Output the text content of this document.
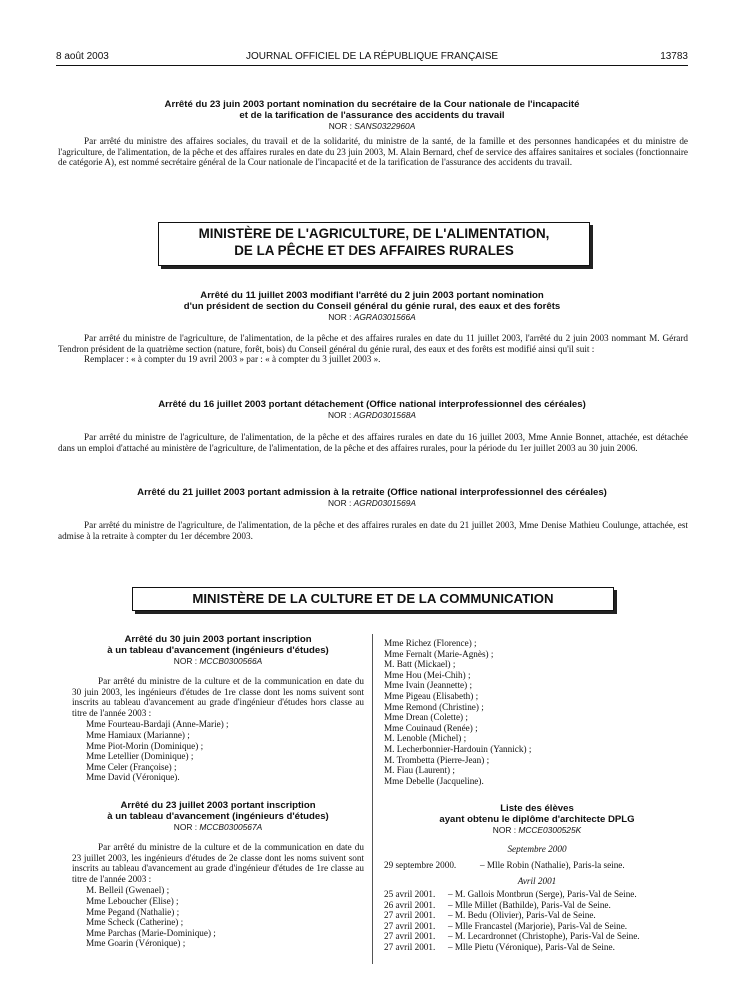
8 août 2003	JOURNAL OFFICIEL DE LA RÉPUBLIQUE FRANÇAISE	13783
Arrêté du 23 juin 2003 portant nomination du secrétaire de la Cour nationale de l'incapacité
et de la tarification de l'assurance des accidents du travail
NOR : SANS0322960A

Par arrêté du ministre des affaires sociales, du travail et de la solidarité, du ministre de la santé, de la famille et des personnes handicapées et du ministre de l'agriculture, de l'alimentation, de la pêche et des affaires rurales en date du 23 juin 2003, M. Alain Bernard, chef de service des affaires sanitaires et sociales (fonctionnaire de catégorie A), est nommé secrétaire général de la Cour nationale de l'incapacité et de la tarification de l'assurance des accidents du travail.

MINISTÈRE DE L'AGRICULTURE, DE L'ALIMENTATION,
DE LA PÊCHE ET DES AFFAIRES RURALES
Arrêté du 11 juillet 2003 modifiant l'arrêté du 2 juin 2003 portant nomination
d'un président de section du Conseil général du génie rural, des eaux et des forêts
NOR : AGRA0301566A

Par arrêté du ministre de l'agriculture, de l'alimentation, de la pêche et des affaires rurales en date du 11 juillet 2003, l'arrêté du 2 juin 2003 nommant M. Gérard Tendron président de la quatrième section (nature, forêt, bois) du Conseil général du génie rural, des eaux et des forêts est modifié ainsi qu'il suit :

Remplacer : « à compter du 19 avril 2003 » par : « à compter du 3 juillet 2003 ».

Arrêté du 16 juillet 2003 portant détachement (Office national interprofessionnel des céréales)
NOR : AGRD0301568A

Par arrêté du ministre de l'agriculture, de l'alimentation, de la pêche et des affaires rurales en date du 16 juillet 2003, Mme Annie Bonnet, attachée, est détachée dans un emploi d'attaché au ministère de l'agriculture, de l'alimentation, de la pêche et des affaires rurales, pour la période du 1er juillet 2003 au 30 juin 2006.

Arrêté du 21 juillet 2003 portant admission à la retraite (Office national interprofessionnel des céréales)
NOR : AGRD0301569A

Par arrêté du ministre de l'agriculture, de l'alimentation, de la pêche et des affaires rurales en date du 21 juillet 2003, Mme Denise Mathieu Coulunge, attachée, est admise à la retraite à compter du 1er décembre 2003.

MINISTÈRE DE LA CULTURE ET DE LA COMMUNICATION
Arrêté du 30 juin 2003 portant inscription
à un tableau d'avancement (ingénieurs d'études)
NOR : MCCB0300566A

Par arrêté du ministre de la culture et de la communication en date du 30 juin 2003, les ingénieurs d'études de 1re classe dont les noms suivent sont inscrits au tableau d'avancement au grade d'ingénieur d'études hors classe au titre de l'année 2003 :

Mme Fourteau-Bardaji (Anne-Marie) ;
Mme Hamiaux (Marianne) ;
Mme Piot-Morin (Dominique) ;
Mme Letellier (Dominique) ;
Mme Celer (Françoise) ;
Mme David (Véronique).
Arrêté du 23 juillet 2003 portant inscription
à un tableau d'avancement (ingénieurs d'études)
NOR : MCCB0300567A

Par arrêté du ministre de la culture et de la communication en date du 23 juillet 2003, les ingénieurs d'études de 2e classe dont les noms suivent sont inscrits au tableau d'avancement au grade d'ingénieur d'études de 1re classe au titre de l'année 2003 :

M. Belleil (Gwenael) ;
Mme Leboucher (Elise) ;
Mme Pegand (Nathalie) ;
Mme Scheck (Catherine) ;
Mme Parchas (Marie-Dominique) ;
Mme Goarin (Véronique) ;
Mme Richez (Florence) ;
Mme Fernalt (Marie-Agnès) ;
M. Batt (Mickael) ;
Mme Hou (Mei-Chih) ;
Mme Ivain (Jeannette) ;
Mme Pigeau (Elisabeth) ;
Mme Remond (Christine) ;
Mme Drean (Colette) ;
Mme Couinaud (Renée) ;
M. Lenoble (Michel) ;
M. Lecherbonnier-Hardouin (Yannick) ;
M. Trombetta (Pierre-Jean) ;
M. Fiau (Laurent) ;
Mme Debelle (Jacqueline).
Liste des élèves
ayant obtenu le diplôme d'architecte DPLG
NOR : MCCE0300525K
Septembre 2000
29 septembre 2000.	– Mlle Robin (Nathalie), Paris-la seine.
Avril 2001
25 avril 2001.	– M. Gallois Montbrun (Serge), Paris-Val de Seine.
26 avril 2001.	– Mlle Millet (Bathilde), Paris-Val de Seine.
27 avril 2001.	– M. Bedu (Olivier), Paris-Val de Seine.
27 avril 2001.	– Mlle Francastel (Marjorie), Paris-Val de Seine.
27 avril 2001.	– M. Lecardronnet (Christophe), Paris-Val de Seine.
27 avril 2001.	– Mlle Pietu (Véronique), Paris-Val de Seine.
